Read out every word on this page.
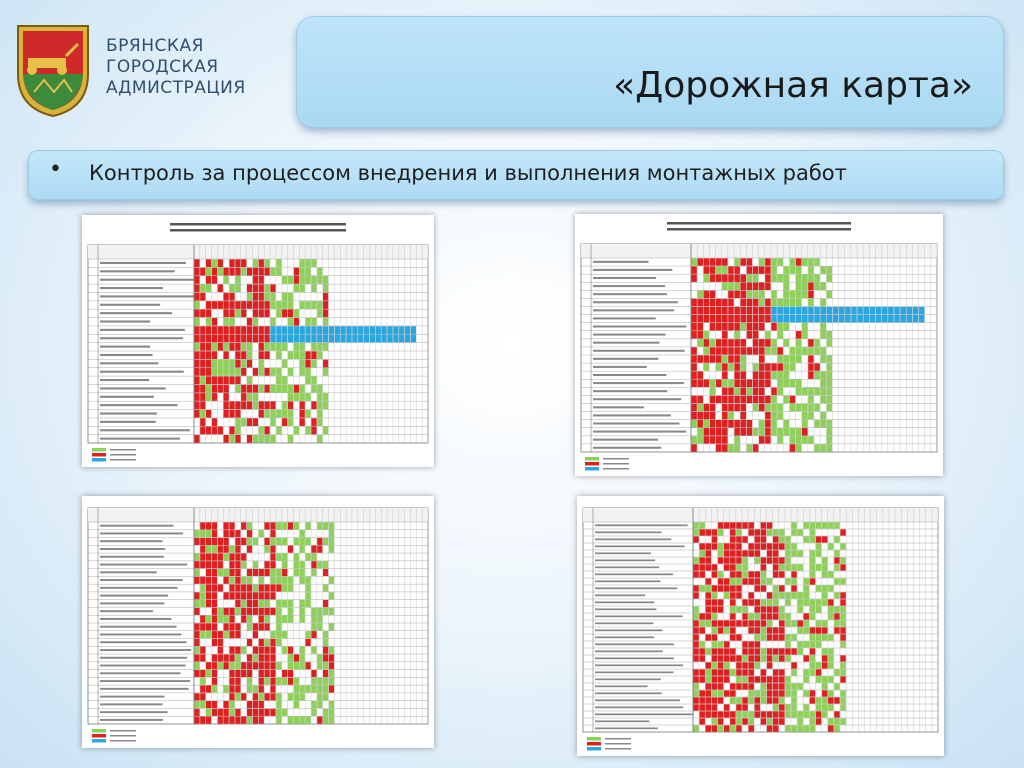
БРЯНСКАЯ
ГОРОДСКАЯ
АДМИСТРАЦИЯ	«Дорожная карта»
• Контроль за процессом внедрения и выполнения монтажных работ
